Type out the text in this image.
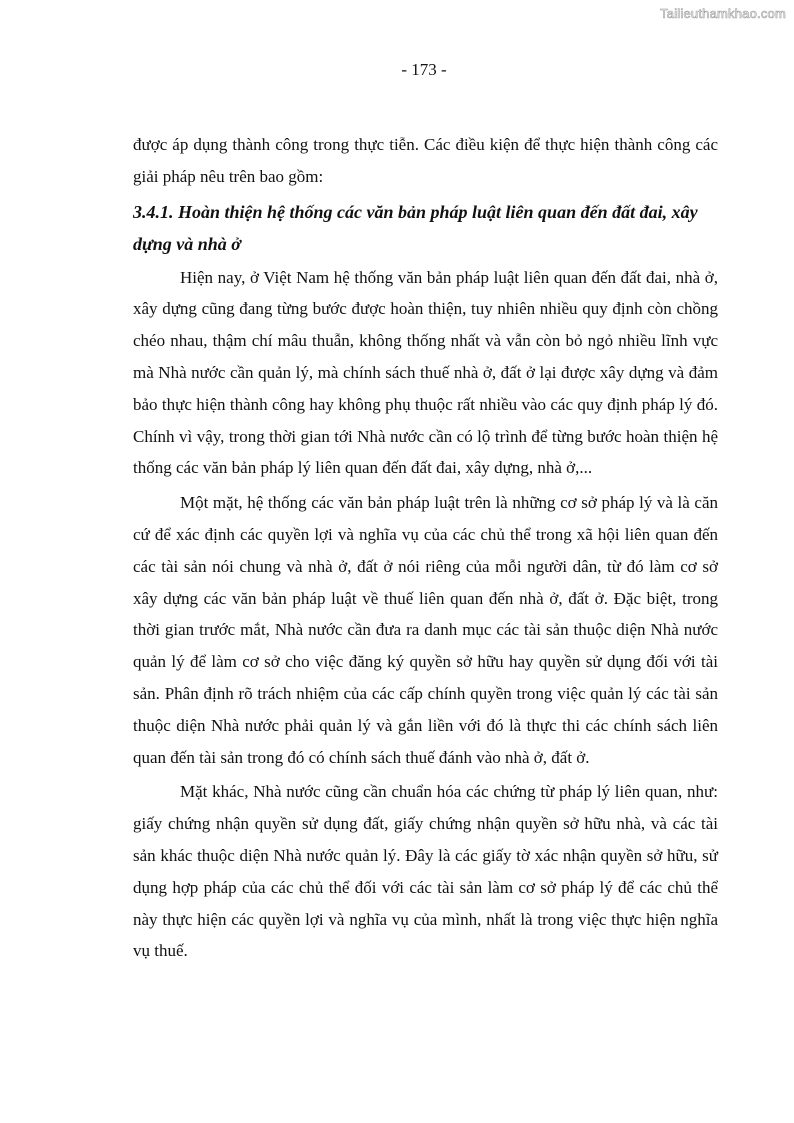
Tailieuthamkhao.com
- 173 -

được áp dụng thành công trong thực tiễn. Các điều kiện để thực hiện thành công các giải pháp nêu trên bao gồm:

3.4.1. Hoàn thiện hệ thống các văn bản pháp luật liên quan đến đất đai, xây dựng và nhà ở

Hiện nay, ở Việt Nam hệ thống văn bản pháp luật liên quan đến đất đai, nhà ở, xây dựng cũng đang từng bước được hoàn thiện, tuy nhiên nhiều quy định còn chồng chéo nhau, thậm chí mâu thuẫn, không thống nhất và vẫn còn bỏ ngỏ nhiều lĩnh vực mà Nhà nước cần quản lý, mà chính sách thuế nhà ở, đất ở lại được xây dựng và đảm bảo thực hiện thành công hay không phụ thuộc rất nhiều vào các quy định pháp lý đó. Chính vì vậy, trong thời gian tới Nhà nước cần có lộ trình để từng bước hoàn thiện hệ thống các văn bản pháp lý liên quan đến đất đai, xây dựng, nhà ở,...

Một mặt, hệ thống các văn bản pháp luật trên là những cơ sở pháp lý và là căn cứ để xác định các quyền lợi và nghĩa vụ của các chủ thể trong xã hội liên quan đến các tài sản nói chung và nhà ở, đất ở nói riêng của mỗi người dân, từ đó làm cơ sở xây dựng các văn bản pháp luật về thuế liên quan đến nhà ở, đất ở. Đặc biệt, trong thời gian trước mắt, Nhà nước cần đưa ra danh mục các tài sản thuộc diện Nhà nước quản lý để làm cơ sở cho việc đăng ký quyền sở hữu hay quyền sử dụng đối với tài sản. Phân định rõ trách nhiệm của các cấp chính quyền trong việc quản lý các tài sản thuộc diện Nhà nước phải quản lý và gắn liền với đó là thực thi các chính sách liên quan đến tài sản trong đó có chính sách thuế đánh vào nhà ở, đất ở.

Mặt khác, Nhà nước cũng cần chuẩn hóa các chứng từ pháp lý liên quan, như: giấy chứng nhận quyền sử dụng đất, giấy chứng nhận quyền sở hữu nhà, và các tài sản khác thuộc diện Nhà nước quản lý. Đây là các giấy tờ xác nhận quyền sở hữu, sử dụng hợp pháp của các chủ thể đối với các tài sản làm cơ sở pháp lý để các chủ thể này thực hiện các quyền lợi và nghĩa vụ của mình, nhất là trong việc thực hiện nghĩa vụ thuế.
